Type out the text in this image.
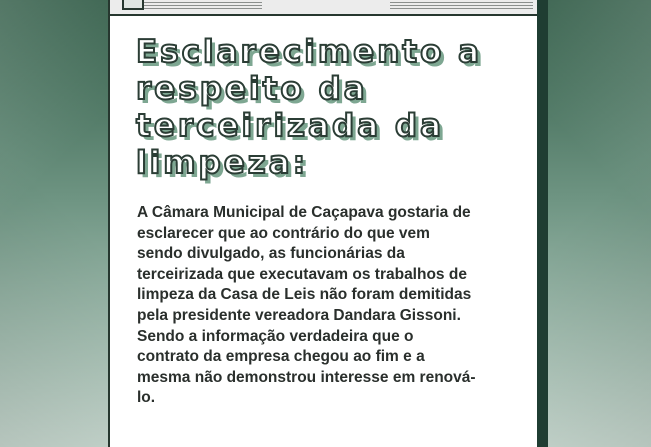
Esclarecimento a respeito da terceirizada da limpeza:

A Câmara Municipal de Caçapava gostaria de esclarecer que ao contrário do que vem sendo divulgado, as funcionárias da terceirizada que executavam os trabalhos de limpeza da Casa de Leis não foram demitidas pela presidente vereadora Dandara Gissoni. Sendo a informação verdadeira que o contrato da empresa chegou ao fim e a mesma não demonstrou interesse em renová-lo.
